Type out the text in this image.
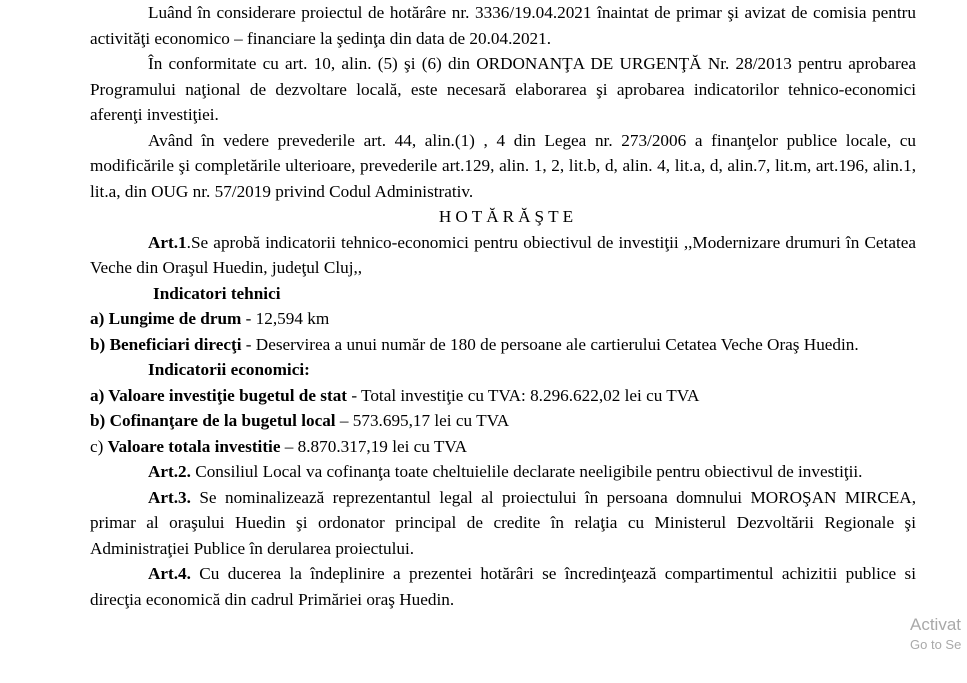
Luând în considerare proiectul de hotărâre nr. 3336/19.04.2021 înaintat de primar şi avizat de comisia pentru activităţi economico – financiare la şedinţa din data de 20.04.2021.

În conformitate cu art. 10, alin. (5) şi (6) din ORDONANŢA DE URGENŢĂ Nr. 28/2013 pentru aprobarea Programului naţional de dezvoltare locală, este necesară elaborarea şi aprobarea indicatorilor tehnico-economici aferenţi investiţiei.

Având în vedere prevederile art. 44, alin.(1) , 4 din Legea nr. 273/2006 a finanţelor publice locale, cu modificările şi completările ulterioare, prevederile art.129, alin. 1, 2, lit.b, d, alin. 4, lit.a, d, alin.7, lit.m, art.196, alin.1, lit.a, din OUG nr. 57/2019 privind Codul Administrativ.

HOTĂRĂŞTE

Art.1.Se aprobă indicatorii tehnico-economici pentru obiectivul de investiţii ,,Modernizare drumuri în Cetatea Veche din Oraşul Huedin, judeţul Cluj,,

Indicatori tehnici

a) Lungime de drum - 12,594 km

b) Beneficiari direcţi - Deservirea a unui număr de 180 de persoane ale cartierului Cetatea Veche Oraş Huedin.

Indicatorii economici:

a) Valoare investiţie bugetul de stat - Total investiţie cu TVA: 8.296.622,02 lei cu TVA

b) Cofinanţare de la bugetul local – 573.695,17 lei cu TVA

c) Valoare totala investitie – 8.870.317,19 lei cu TVA

Art.2. Consiliul Local va cofinanţa toate cheltuielile declarate neeligibile pentru obiectivul de investiţii.

Art.3. Se nominalizează reprezentantul legal al proiectului în persoana domnului MOROŞAN MIRCEA, primar al oraşului Huedin şi ordonator principal de credite în relaţia cu Ministerul Dezvoltării Regionale şi Administraţiei Publice în derularea proiectului.

Art.4. Cu ducerea la îndeplinire a prezentei hotărâri se încredinţează compartimentul achizitii publice si direcţia economică din cadrul Primăriei oraş Huedin.

Activat
Go to Se
